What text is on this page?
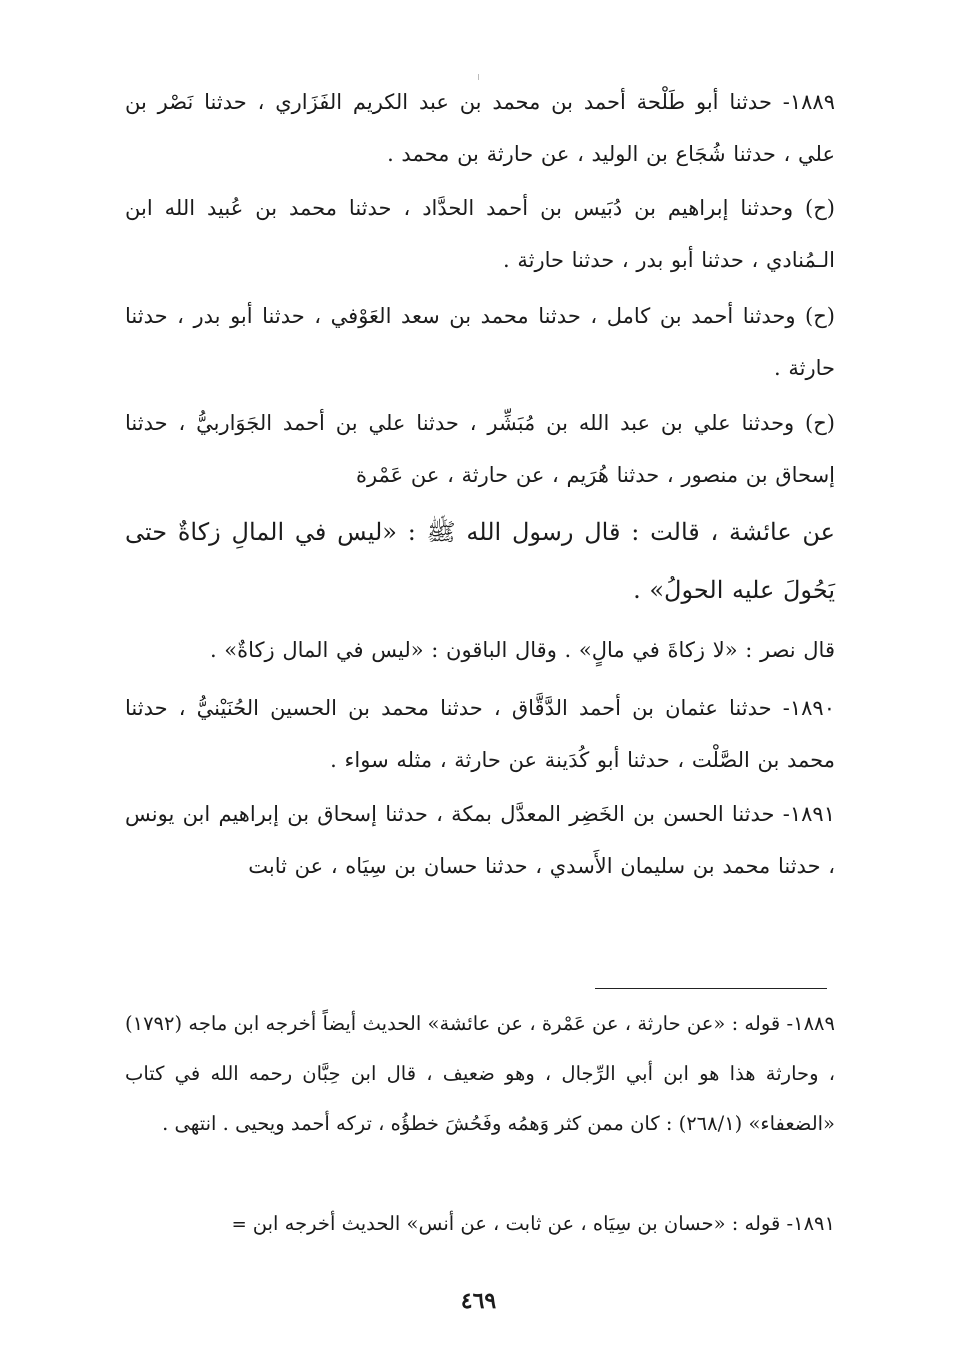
١٨٨٩- حدثنا أبو طَلْحة أحمد بن محمد بن عبد الكريم الفَزَاري ، حدثنا نَصْر بن علي ، حدثنا شُجَاع بن الوليد ، عن حارثة بن محمد .

(ح) وحدثنا إبراهيم بن دُبَيس بن أحمد الحدَّاد ، حدثنا محمد بن عُبيد الله ابن الـمُنادي ، حدثنا أبو بدر ، حدثنا حارثة .

(ح) وحدثنا أحمد بن كامل ، حدثنا محمد بن سعد العَوْفي ، حدثنا أبو بدر ، حدثنا حارثة .

(ح) وحدثنا علي بن عبد الله بن مُبَشِّر ، حدثنا علي بن أحمد الجَوَاربيُّ ، حدثنا إسحاق بن منصور ، حدثنا هُرَيم ، عن حارثة ، عن عَمْرة

عن عائشة ، قالت : قال رسول الله ﷺ : «ليس في المالِ زكاةٌ حتى يَحُولَ عليه الحولُ» .

قال نصر : «لا زكاةَ في مالٍ» . وقال الباقون : «ليس في المال زكاةٌ» .

١٨٩٠- حدثنا عثمان بن أحمد الدَّقَّاق ، حدثنا محمد بن الحسين الحُنَيْنيُّ ، حدثنا محمد بن الصَّلْت ، حدثنا أبو كُدَينة عن حارثة ، مثله سواء .

١٨٩١- حدثنا الحسن بن الخَضِر المعدَّل بمكة ، حدثنا إسحاق بن إبراهيم ابن يونس ، حدثنا محمد بن سليمان الأَسدي ، حدثنا حسان بن سِيَاه ، عن ثابت

١٨٨٩- قوله : «عن حارثة ، عن عَمْرة ، عن عائشة» الحديث أيضاً أخرجه ابن ماجه (١٧٩٢) ، وحارثة هذا هو ابن أبي الرِّجال ، وهو ضعيف ، قال ابن حِبَّان رحمه الله في كتاب «الضعفاء» (٢٦٨/١) : كان ممن كثر وَهمُه وفَحُشَ خطؤُه ، تركه أحمد ويحيى . انتهى .

١٨٩١- قوله : «حسان بن سِيَاه ، عن ثابت ، عن أنس» الحديث أخرجه ابن=

٤٦٩
